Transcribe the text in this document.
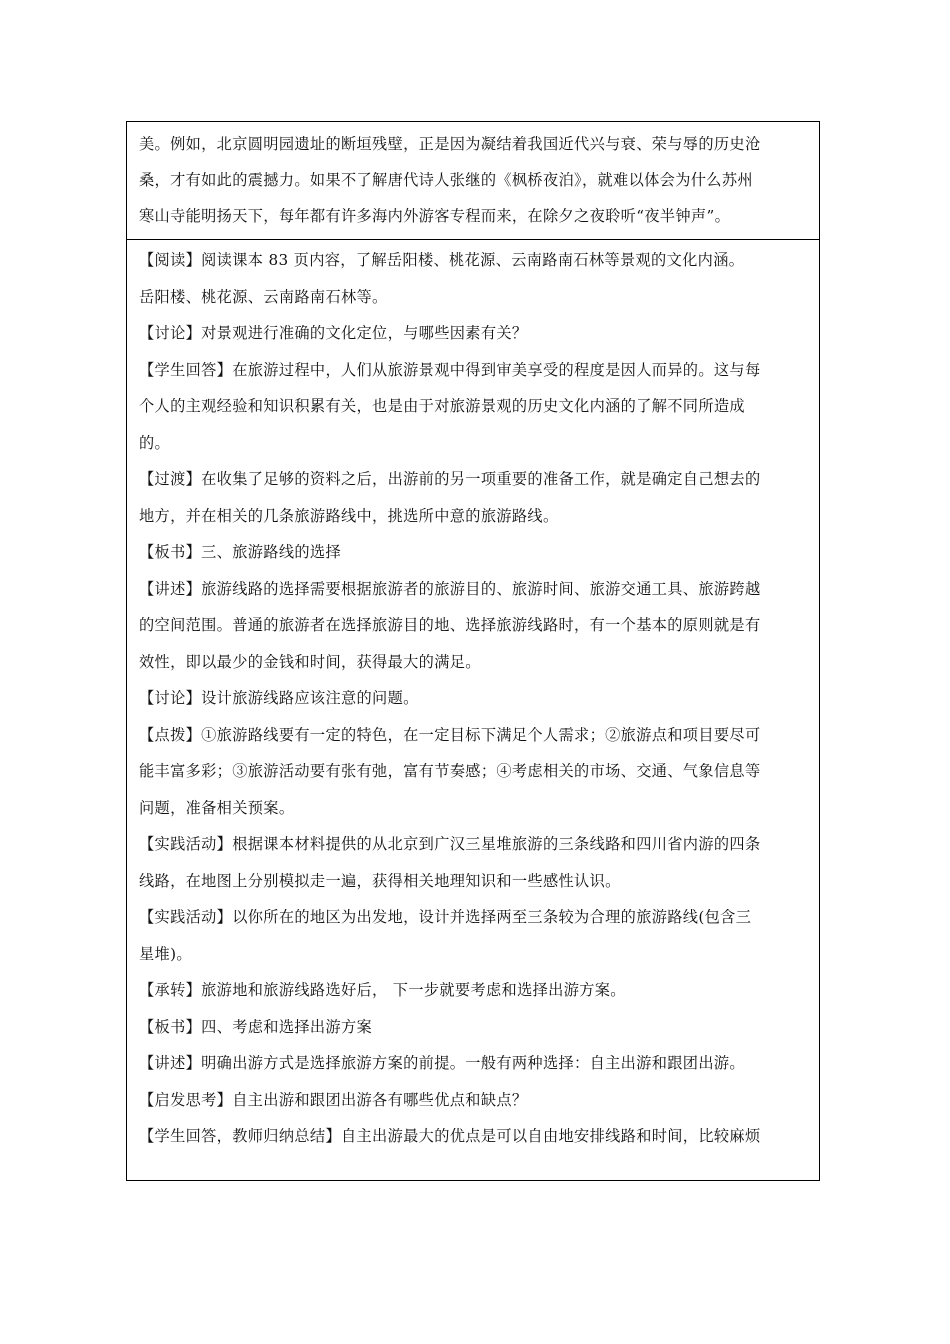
美。例如，北京圆明园遗址的断垣残壁，正是因为凝结着我国近代兴与衰、荣与辱的历史沧
桑，才有如此的震撼力。如果不了解唐代诗人张继的《枫桥夜泊》，就难以体会为什么苏州
寒山寺能明扬天下，每年都有许多海内外游客专程而来，在除夕之夜聆听“夜半钟声”。
【阅读】阅读课本 83 页内容，了解岳阳楼、桃花源、云南路南石林等景观的文化内涵。
岳阳楼、桃花源、云南路南石林等。
【讨论】对景观进行准确的文化定位，与哪些因素有关？
【学生回答】在旅游过程中，人们从旅游景观中得到审美享受的程度是因人而异的。这与每
个人的主观经验和知识积累有关，也是由于对旅游景观的历史文化内涵的了解不同所造成
的。
【过渡】在收集了足够的资料之后，出游前的另一项重要的准备工作，就是确定自己想去的
地方，并在相关的几条旅游路线中，挑选所中意的旅游路线。
【板书】三、旅游路线的选择
【讲述】旅游线路的选择需要根据旅游者的旅游目的、旅游时间、旅游交通工具、旅游跨越
的空间范围。普通的旅游者在选择旅游目的地、选择旅游线路时，有一个基本的原则就是有
效性，即以最少的金钱和时间，获得最大的满足。
【讨论】设计旅游线路应该注意的问题。
【点拨】①旅游路线要有一定的特色，在一定目标下满足个人需求；②旅游点和项目要尽可
能丰富多彩；③旅游活动要有张有弛，富有节奏感；④考虑相关的市场、交通、气象信息等
问题，准备相关预案。
【实践活动】根据课本材料提供的从北京到广汉三星堆旅游的三条线路和四川省内游的四条
线路，在地图上分别模拟走一遍，获得相关地理知识和一些感性认识。
【实践活动】以你所在的地区为出发地，设计并选择两至三条较为合理的旅游路线(包含三
星堆)。
【承转】旅游地和旅游线路选好后， 下一步就要考虑和选择出游方案。
【板书】四、考虑和选择出游方案
【讲述】明确出游方式是选择旅游方案的前提。一般有两种选择：自主出游和跟团出游。
【启发思考】自主出游和跟团出游各有哪些优点和缺点？
【学生回答，教师归纳总结】自主出游最大的优点是可以自由地安排线路和时间，比较麻烦
